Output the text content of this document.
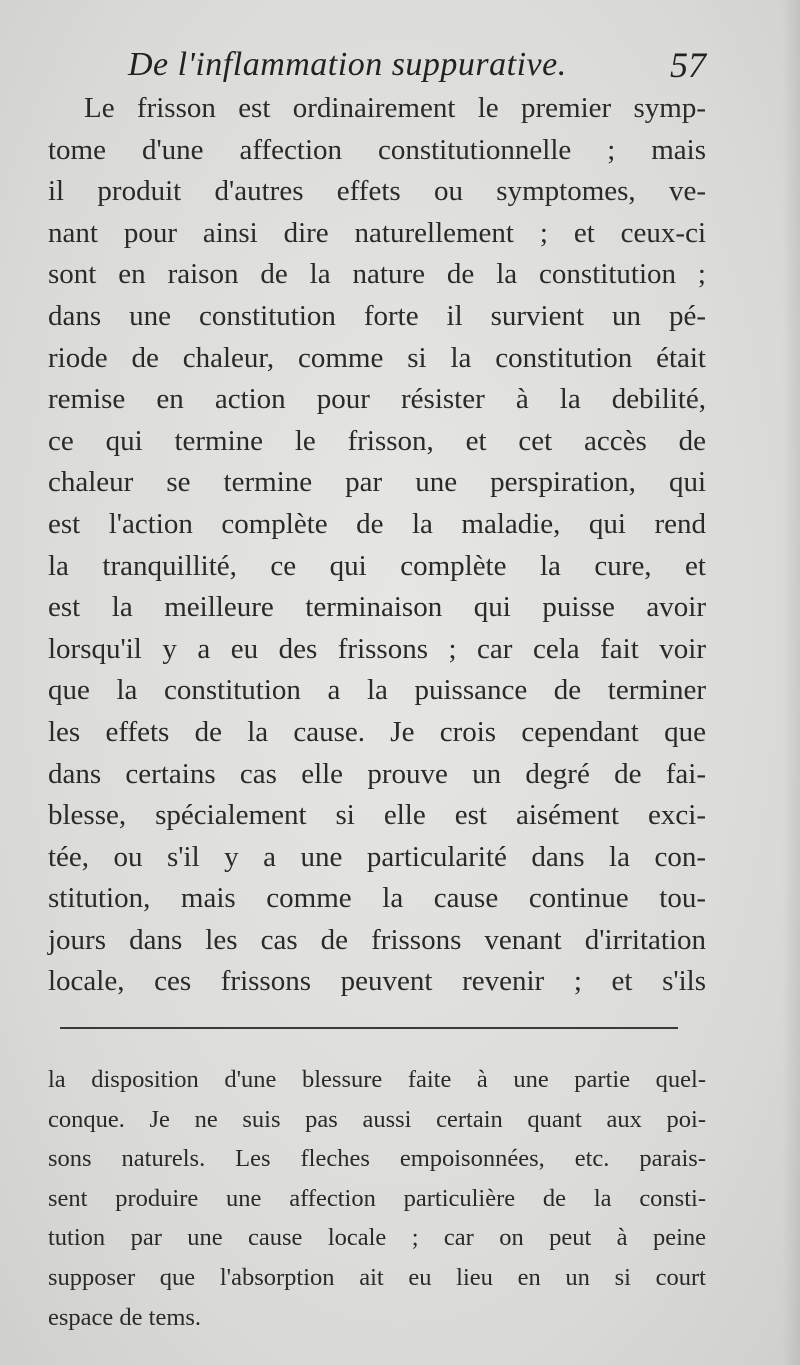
De l'inflammation suppurative.	57
Le frisson est ordinairement le premier symp-
tome d'une affection constitutionnelle ; mais
il produit d'autres effets ou symptomes, ve-
nant pour ainsi dire naturellement ; et ceux-ci
sont en raison de la nature de la constitution ;
dans une constitution forte il survient un pé-
riode de chaleur, comme si la constitution était
remise en action pour résister à la debilité,
ce qui termine le frisson, et cet accès de
chaleur se termine par une perspiration, qui
est l'action complète de la maladie, qui rend
la tranquillité, ce qui complète la cure, et
est la meilleure terminaison qui puisse avoir
lorsqu'il y a eu des frissons ; car cela fait voir
que la constitution a la puissance de terminer
les effets de la cause. Je crois cependant que
dans certains cas elle prouve un degré de fai-
blesse, spécialement si elle est aisément exci-
tée, ou s'il y a une particularité dans la con-
stitution, mais comme la cause continue tou-
jours dans les cas de frissons venant d'irritation
locale, ces frissons peuvent revenir ; et s'ils
la disposition d'une blessure faite à une partie quel-
conque. Je ne suis pas aussi certain quant aux poi-
sons naturels. Les fleches empoisonnées, etc. parais-
sent produire une affection particulière de la consti-
tution par une cause locale ; car on peut à peine
supposer que l'absorption ait eu lieu en un si court
espace de tems.
